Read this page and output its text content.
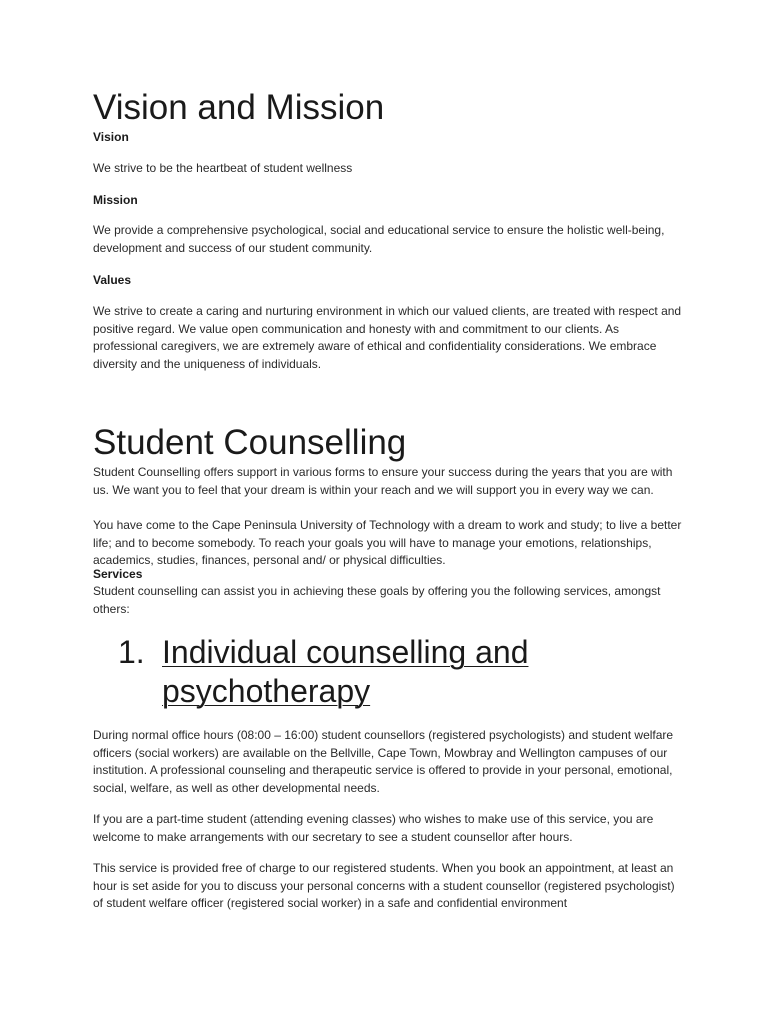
Vision and Mission
Vision

We strive to be the heartbeat of student wellness

Mission

We provide a comprehensive psychological, social and educational service to ensure the holistic well-being, development and success of our student community.

Values

We strive to create a caring and nurturing environment in which our valued clients, are treated with respect and positive regard. We value open communication and honesty with and commitment to our clients. As professional caregivers, we are extremely aware of ethical and confidentiality considerations. We embrace diversity and the uniqueness of individuals.

Student Counselling

Student Counselling offers support in various forms to ensure your success during the years that you are with us. We want you to feel that your dream is within your reach and we will support you in every way we can.

You have come to the Cape Peninsula University of Technology with a dream to work and study; to live a better life; and to become somebody. To reach your goals you will have to manage your emotions, relationships, academics, studies, finances, personal and/ or physical difficulties.

Services

Student counselling can assist you in achieving these goals by offering you the following services, amongst others:

1. Individual counselling and psychotherapy

During normal office hours (08:00 – 16:00) student counsellors (registered psychologists) and student welfare officers (social workers) are available on the Bellville, Cape Town, Mowbray and Wellington campuses of our institution. A professional counseling and therapeutic service is offered to provide in your personal, emotional, social, welfare, as well as other developmental needs.

If you are a part-time student (attending evening classes) who wishes to make use of this service, you are welcome to make arrangements with our secretary to see a student counsellor after hours.

This service is provided free of charge to our registered students. When you book an appointment, at least an hour is set aside for you to discuss your personal concerns with a student counsellor (registered psychologist) of student welfare officer (registered social worker) in a safe and confidential environment
